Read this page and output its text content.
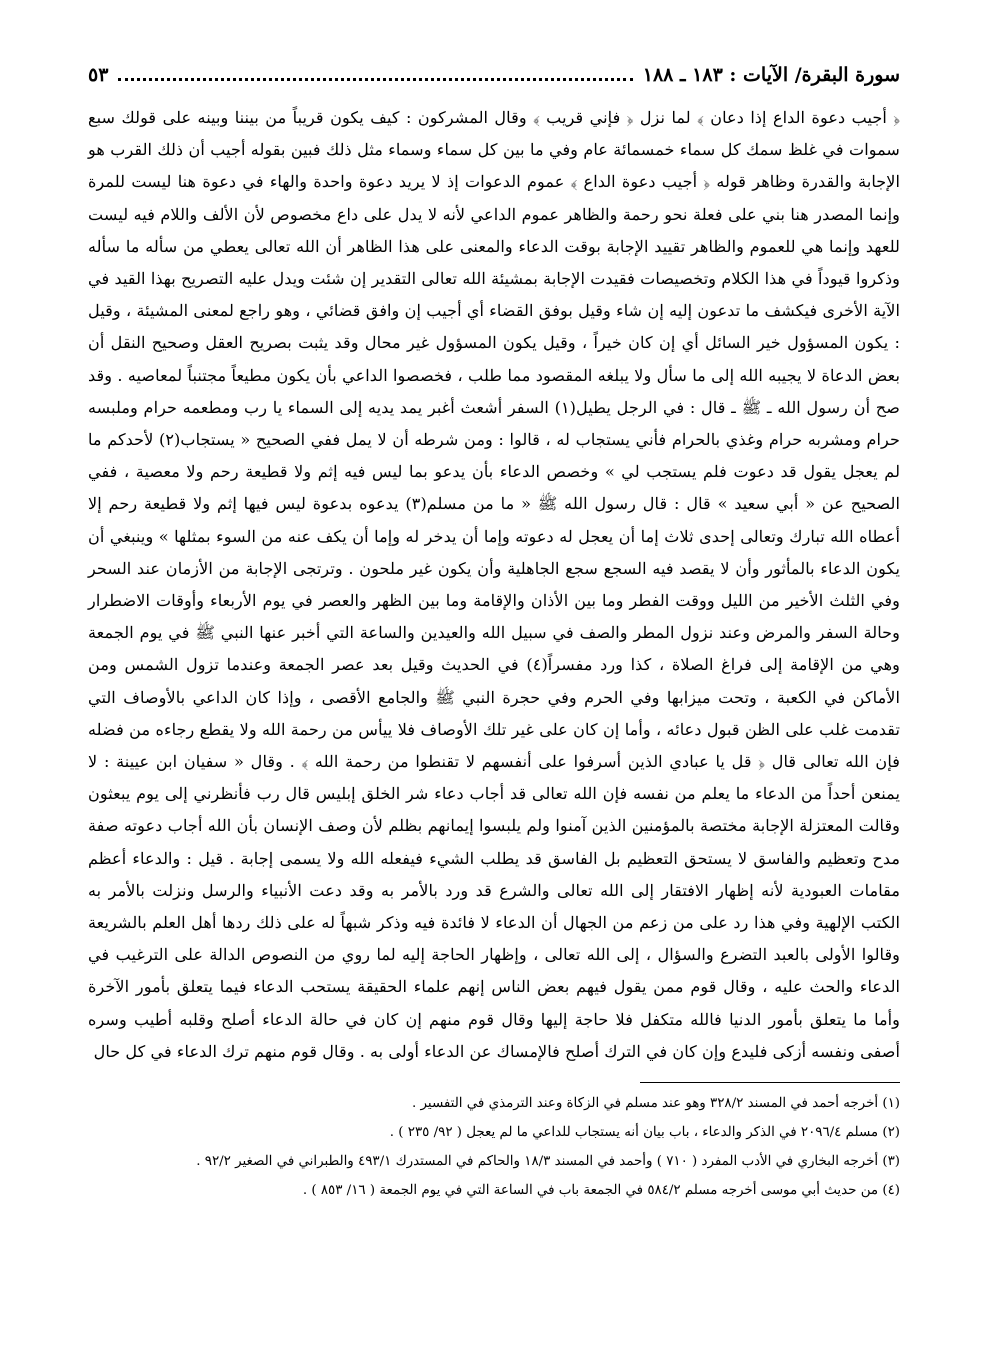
سورة البقرة/ الآيات : ١٨٣ ـ ١٨٨
٥٣
﴿ أجيب دعوة الداع إذا دعان ﴾ لما نزل ﴿ فإني قريب ﴾ وقال المشركون : كيف يكون قريباً من بيننا وبينه على قولك سبع سموات في غلظ سمك كل سماء خمسمائة عام وفي ما بين كل سماء وسماء مثل ذلك فبين بقوله أجيب أن ذلك القرب هو الإجابة والقدرة وظاهر قوله ﴿ أجيب دعوة الداع ﴾ عموم الدعوات إذ لا يريد دعوة واحدة والهاء في دعوة هنا ليست للمرة وإنما المصدر هنا بني على فعلة نحو رحمة والظاهر عموم الداعي لأنه لا يدل على داع مخصوص لأن الألف واللام فيه ليست للعهد وإنما هي للعموم والظاهر تقييد الإجابة بوقت الدعاء والمعنى على هذا الظاهر أن الله تعالى يعطي من سأله ما سأله وذكروا قيوداً في هذا الكلام وتخصيصات فقيدت الإجابة بمشيئة الله تعالى التقدير إن شئت ويدل عليه التصريح بهذا القيد في الآية الأخرى فيكشف ما تدعون إليه إن شاء وقيل بوفق القضاء أي أجيب إن وافق قضائي ، وهو راجع لمعنى المشيئة ، وقيل : يكون المسؤول خير السائل أي إن كان خيراً ، وقيل يكون المسؤول غير محال وقد يثبت بصريح العقل وصحيح النقل أن بعض الدعاة لا يجيبه الله إلى ما سأل ولا يبلغه المقصود مما طلب ، فخصصوا الداعي بأن يكون مطيعاً مجتنباً لمعاصيه . وقد صح أن رسول الله ـ ﷺ ـ قال : في الرجل يطيل(١) السفر أشعث أغبر يمد يديه إلى السماء يا رب ومطعمه حرام وملبسه حرام ومشربه حرام وغذي بالحرام فأني يستجاب له ، قالوا : ومن شرطه أن لا يمل ففي الصحيح « يستجاب(٢) لأحدكم ما لم يعجل يقول قد دعوت فلم يستجب لي » وخصص الدعاء بأن يدعو بما ليس فيه إثم ولا قطيعة رحم ولا معصية ، ففي الصحيح عن « أبي سعيد » قال : قال رسول الله ﷺ « ما من مسلم(٣) يدعوه بدعوة ليس فيها إثم ولا قطيعة رحم إلا أعطاه الله تبارك وتعالى إحدى ثلاث إما أن يعجل له دعوته وإما أن يدخر له وإما أن يكف عنه من السوء بمثلها » وينبغي أن يكون الدعاء بالمأثور وأن لا يقصد فيه السجع سجع الجاهلية وأن يكون غير ملحون . وترتجى الإجابة من الأزمان عند السحر وفي الثلث الأخير من الليل ووقت الفطر وما بين الأذان والإقامة وما بين الظهر والعصر في يوم الأربعاء وأوقات الاضطرار وحالة السفر والمرض وعند نزول المطر والصف في سبيل الله والعيدين والساعة التي أخبر عنها النبي ﷺ في يوم الجمعة وهي من الإقامة إلى فراغ الصلاة ، كذا ورد مفسراً(٤) في الحديث وقيل بعد عصر الجمعة وعندما تزول الشمس ومن الأماكن في الكعبة ، وتحت ميزابها وفي الحرم وفي حجرة النبي ﷺ والجامع الأقصى ، وإذا كان الداعي بالأوصاف التي تقدمت غلب على الظن قبول دعائه ، وأما إن كان على غير تلك الأوصاف فلا ييأس من رحمة الله ولا يقطع رجاءه من فضله فإن الله تعالى قال ﴿ قل يا عبادي الذين أسرفوا على أنفسهم لا تقنطوا من رحمة الله ﴾ . وقال « سفيان ابن عيينة : لا يمنعن أحداً من الدعاء ما يعلم من نفسه فإن الله تعالى قد أجاب دعاء شر الخلق إبليس قال رب فأنظرني إلى يوم يبعثون وقالت المعتزلة الإجابة مختصة بالمؤمنين الذين آمنوا ولم يلبسوا إيمانهم بظلم لأن وصف الإنسان بأن الله أجاب دعوته صفة مدح وتعظيم والفاسق لا يستحق التعظيم بل الفاسق قد يطلب الشيء فيفعله الله ولا يسمى إجابة . قيل : والدعاء أعظم مقامات العبودية لأنه إظهار الافتقار إلى الله تعالى والشرع قد ورد بالأمر به وقد دعت الأنبياء والرسل ونزلت بالأمر به الكتب الإلهية وفي هذا رد على من زعم من الجهال أن الدعاء لا فائدة فيه وذكر شبهاً له على ذلك ردها أهل العلم بالشريعة وقالوا الأولى بالعبد التضرع والسؤال ، إلى الله تعالى ، وإظهار الحاجة إليه لما روي من النصوص الدالة على الترغيب في الدعاء والحث عليه ، وقال قوم ممن يقول فيهم بعض الناس إنهم علماء الحقيقة يستحب الدعاء فيما يتعلق بأمور الآخرة وأما ما يتعلق بأمور الدنيا فالله متكفل فلا حاجة إليها وقال قوم منهم إن كان في حالة الدعاء أصلح وقلبه أطيب وسره أصفى ونفسه أزكى فليدع وإن كان في الترك أصلح فالإمساك عن الدعاء أولى به . وقال قوم منهم ترك الدعاء في كل حال
(١) أخرجه أحمد في المسند ٣٢٨/٢ وهو عند مسلم في الزكاة وعند الترمذي في التفسير .
(٢) مسلم ٢٠٩٦/٤ في الذكر والدعاء ، باب بيان أنه يستجاب للداعي ما لم يعجل ( ٩٢/ ٢٣٥ ) .
(٣) أخرجه البخاري في الأدب المفرد ( ٧١٠ ) وأحمد في المسند ١٨/٣ والحاكم في المستدرك ٤٩٣/١ والطبراني في الصغير ٩٢/٢ .
(٤) من حديث أبي موسى أخرجه مسلم ٥٨٤/٢ في الجمعة باب في الساعة التي في يوم الجمعة ( ١٦/ ٨٥٣ ) .
